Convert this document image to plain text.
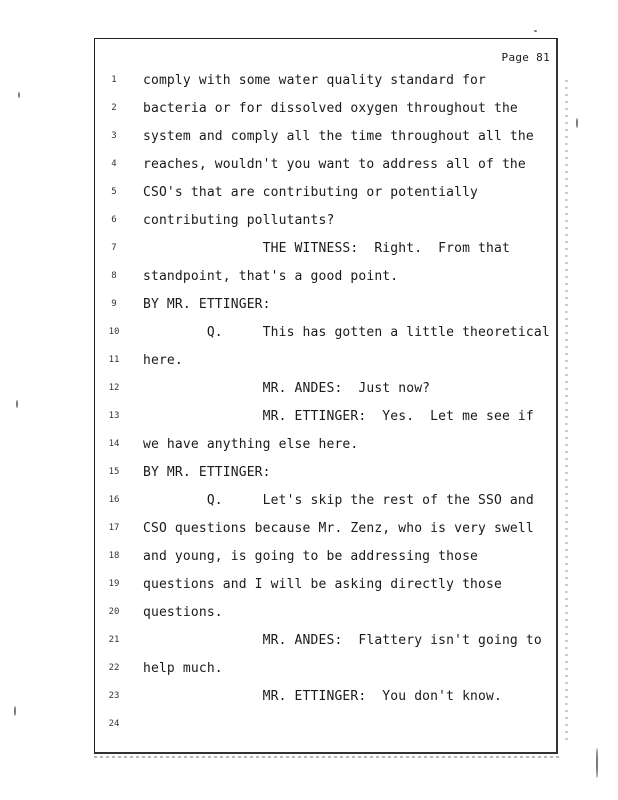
Page 81
1	comply with some water quality standard for
2	bacteria or for dissolved oxygen throughout the
3	system and comply all the time throughout all the
4	reaches, wouldn't you want to address all of the
5	CSO's that are contributing or potentially
6	contributing pollutants?
7	THE WITNESS:  Right.  From that
8	standpoint, that's a good point.
9	BY MR. ETTINGER:
10 Q.     This has gotten a little theoretical
11 here.
12 MR. ANDES:  Just now?
13 MR. ETTINGER:  Yes.  Let me see if
14 we have anything else here.
15 BY MR. ETTINGER:
16 Q.     Let's skip the rest of the SSO and
17 CSO questions because Mr. Zenz, who is very swell
18 and young, is going to be addressing those
19 questions and I will be asking directly those
20 questions.
21 MR. ANDES:  Flattery isn't going to
22 help much.
23 MR. ETTINGER:  You don't know.
24
